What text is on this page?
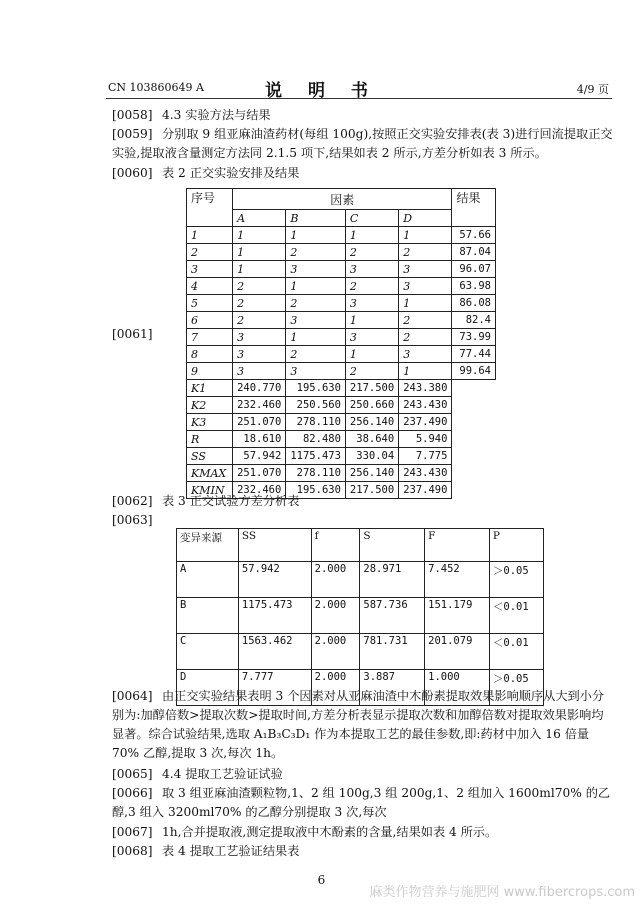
CN 103860649 A	说 明 书	4/9 页
[0058] 4.3 实验方法与结果
[0059] 分别取 9 组亚麻油渣药材(每组 100g),按照正交实验安排表(表 3)进行回流提取正交实验,提取液含量测定方法同 2.1.5 项下,结果如表 2 所示,方差分析如表 3 所示。
[0060] 表 2 正交实验安排及结果
[0061]
序号	因素				结果
	A	B	C	D	
1	1	1	1	1	57.66
2	1	2	2	2	87.04
3	1	3	3	3	96.07
4	2	1	2	3	63.98
5	2	2	3	1	86.08
6	2	3	1	2	82.4
7	3	1	3	2	73.99
8	3	2	1	3	77.44
9	3	3	2	1	99.64
K1	240.770	195.630	217.500	243.380	
K2	232.460	250.560	250.660	243.430	
K3	251.070	278.110	256.140	237.490	
R	18.610	82.480	38.640	5.940	
SS	57.942	1175.473	330.04	7.775	
KMAX	251.070	278.110	256.140	243.430	
KMIN	232.460	195.630	217.500	237.490	
[0062] 表 3 正交试验方差分析表
[0063]
变异来源	SS	f	S	F	P
A	57.942	2.000	28.971	7.452	＞0.05
B	1175.473	2.000	587.736	151.179	＜0.01
C	1563.462	2.000	781.731	201.079	＜0.01
D	7.777	2.000	3.887	1.000	＞0.05
[0064] 由正交实验结果表明 3 个因素对从亚麻油渣中木酚素提取效果影响顺序从大到小分别为:加醇倍数>提取次数>提取时间,方差分析表显示提取次数和加醇倍数对提取效果影响均显著。综合试验结果,选取 A₁B₃C₃D₁ 作为本提取工艺的最佳参数,即:药材中加入 16 倍量 70% 乙醇,提取 3 次,每次 1h。
[0065] 4.4 提取工艺验证试验
[0066] 取 3 组亚麻油渣颗粒物,1、2 组 100g,3 组 200g,1、2 组加入 1600ml70% 的乙醇,3 组入 3200ml70% 的乙醇分别提取 3 次,每次
[0067] 1h,合并提取液,测定提取液中木酚素的含量,结果如表 4 所示。
[0068] 表 4 提取工艺验证结果表
6
麻类作物营养与施肥网 www.fibercrops.com
